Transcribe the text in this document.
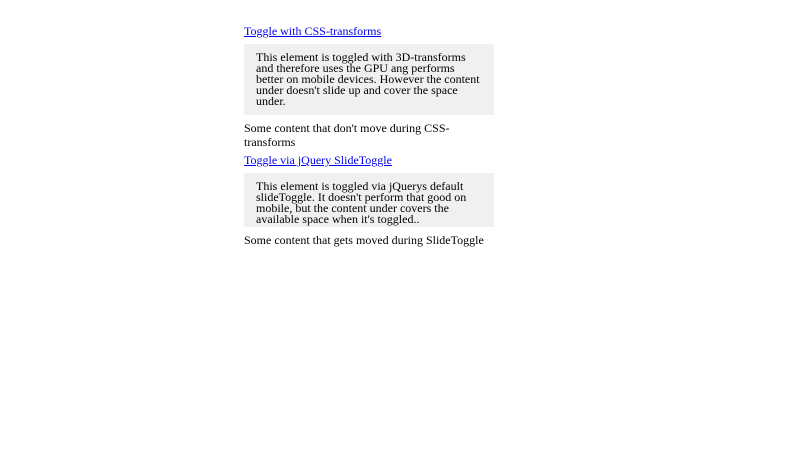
Toggle with CSS-transforms

This element is toggled with 3D-transforms and therefore uses the GPU ang performs better on mobile devices. However the content under doesn't slide up and cover the space under.

Some content that don't move during CSS-transforms
Toggle via jQuery SlideToggle

This element is toggled via jQuerys default slideToggle. It doesn't perform that good on mobile, but the content under covers the available space when it's toggled..

Some content that gets moved during SlideToggle
